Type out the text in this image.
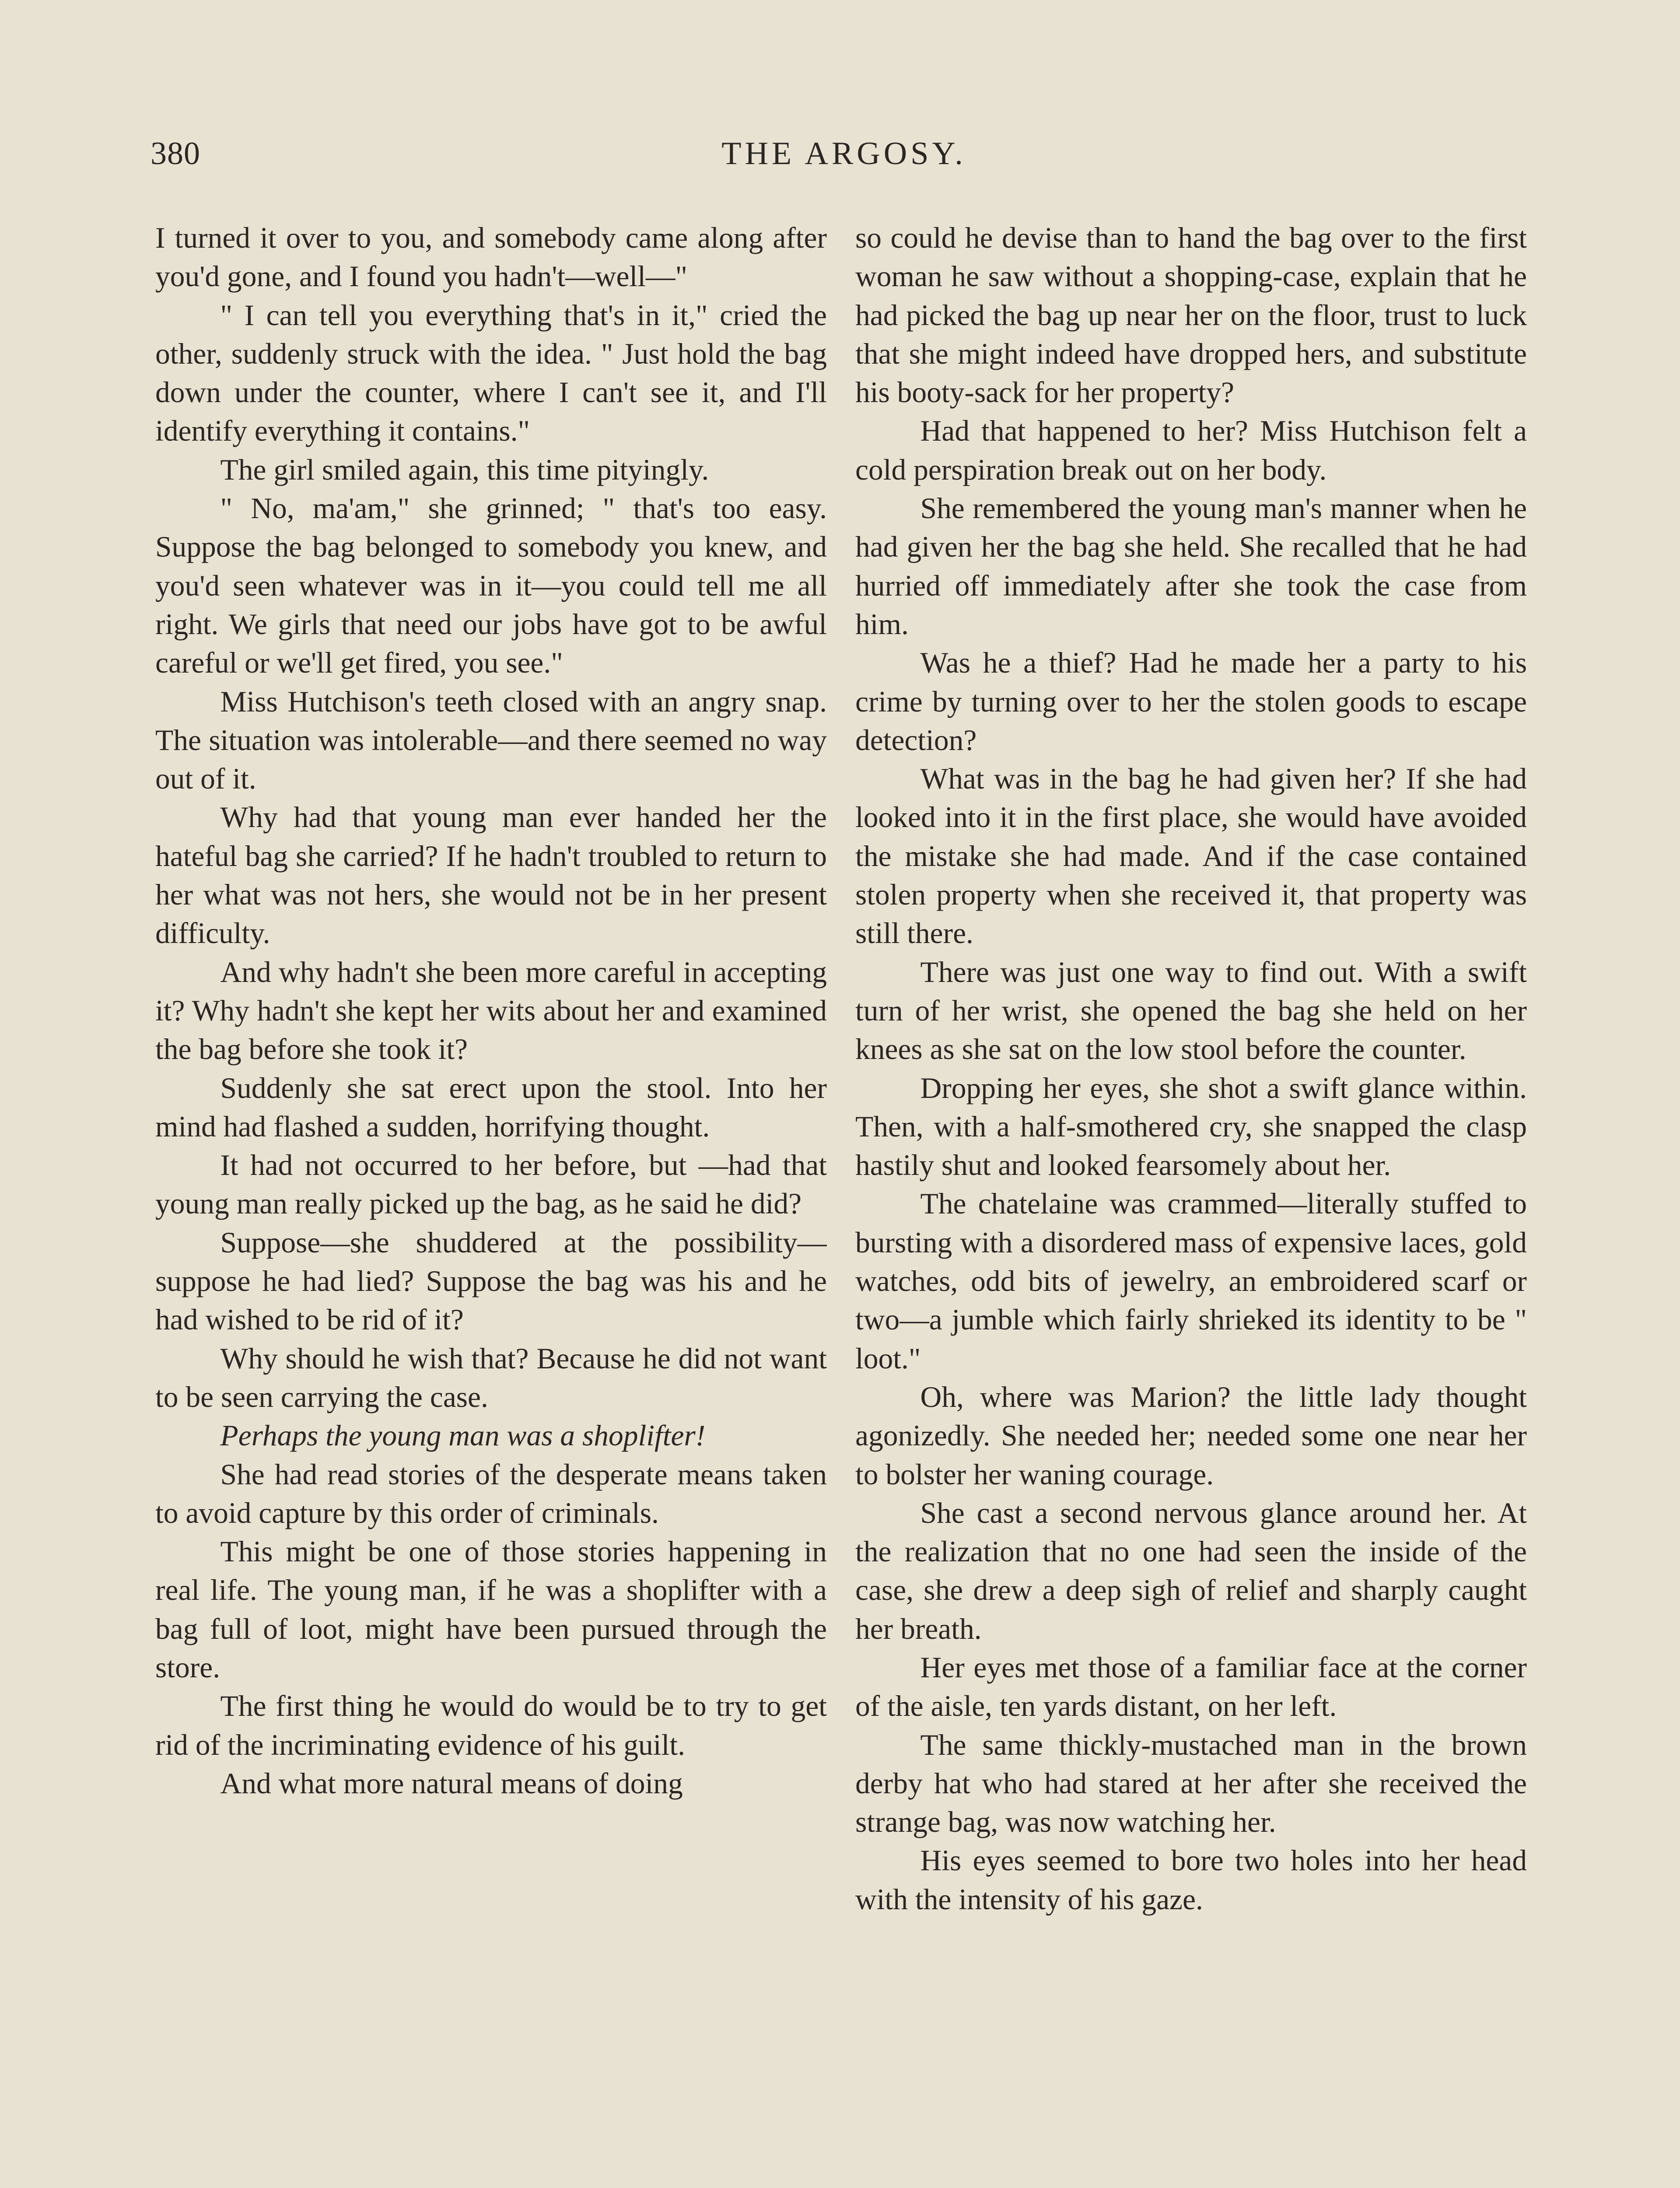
380	THE ARGOSY.

I turned it over to you, and somebody came along after you'd gone, and I found you hadn't—well—"

" I can tell you everything that's in it," cried the other, suddenly struck with the idea. " Just hold the bag down under the counter, where I can't see it, and I'll identify everything it contains."

The girl smiled again, this time pityingly.

" No, ma'am," she grinned; " that's too easy. Suppose the bag belonged to somebody you knew, and you'd seen whatever was in it—you could tell me all right. We girls that need our jobs have got to be awful careful or we'll get fired, you see."

Miss Hutchison's teeth closed with an angry snap. The situation was intolerable—and there seemed no way out of it.

Why had that young man ever handed her the hateful bag she carried? If he hadn't troubled to return to her what was not hers, she would not be in her present difficulty.

And why hadn't she been more careful in accepting it? Why hadn't she kept her wits about her and examined the bag before she took it?

Suddenly she sat erect upon the stool. Into her mind had flashed a sudden, horrifying thought.

It had not occurred to her before, but —had that young man really picked up the bag, as he said he did?

Suppose—she shuddered at the possibility—suppose he had lied? Suppose the bag was his and he had wished to be rid of it?

Why should he wish that? Because he did not want to be seen carrying the case.

Perhaps the young man was a shoplifter!

She had read stories of the desperate means taken to avoid capture by this order of criminals.

This might be one of those stories happening in real life. The young man, if he was a shoplifter with a bag full of loot, might have been pursued through the store.

The first thing he would do would be to try to get rid of the incriminating evidence of his guilt.

And what more natural means of doing

so could he devise than to hand the bag over to the first woman he saw without a shopping-case, explain that he had picked the bag up near her on the floor, trust to luck that she might indeed have dropped hers, and substitute his booty-sack for her property?

Had that happened to her? Miss Hutchison felt a cold perspiration break out on her body.

She remembered the young man's manner when he had given her the bag she held. She recalled that he had hurried off immediately after she took the case from him.

Was he a thief? Had he made her a party to his crime by turning over to her the stolen goods to escape detection?

What was in the bag he had given her? If she had looked into it in the first place, she would have avoided the mistake she had made. And if the case contained stolen property when she received it, that property was still there.

There was just one way to find out. With a swift turn of her wrist, she opened the bag she held on her knees as she sat on the low stool before the counter.

Dropping her eyes, she shot a swift glance within. Then, with a half-smothered cry, she snapped the clasp hastily shut and looked fearsomely about her.

The chatelaine was crammed—literally stuffed to bursting with a disordered mass of expensive laces, gold watches, odd bits of jewelry, an embroidered scarf or two—a jumble which fairly shrieked its identity to be " loot."

Oh, where was Marion? the little lady thought agonizedly. She needed her; needed some one near her to bolster her waning courage.

She cast a second nervous glance around her. At the realization that no one had seen the inside of the case, she drew a deep sigh of relief and sharply caught her breath.

Her eyes met those of a familiar face at the corner of the aisle, ten yards distant, on her left.

The same thickly-mustached man in the brown derby hat who had stared at her after she received the strange bag, was now watching her.

His eyes seemed to bore two holes into her head with the intensity of his gaze.
